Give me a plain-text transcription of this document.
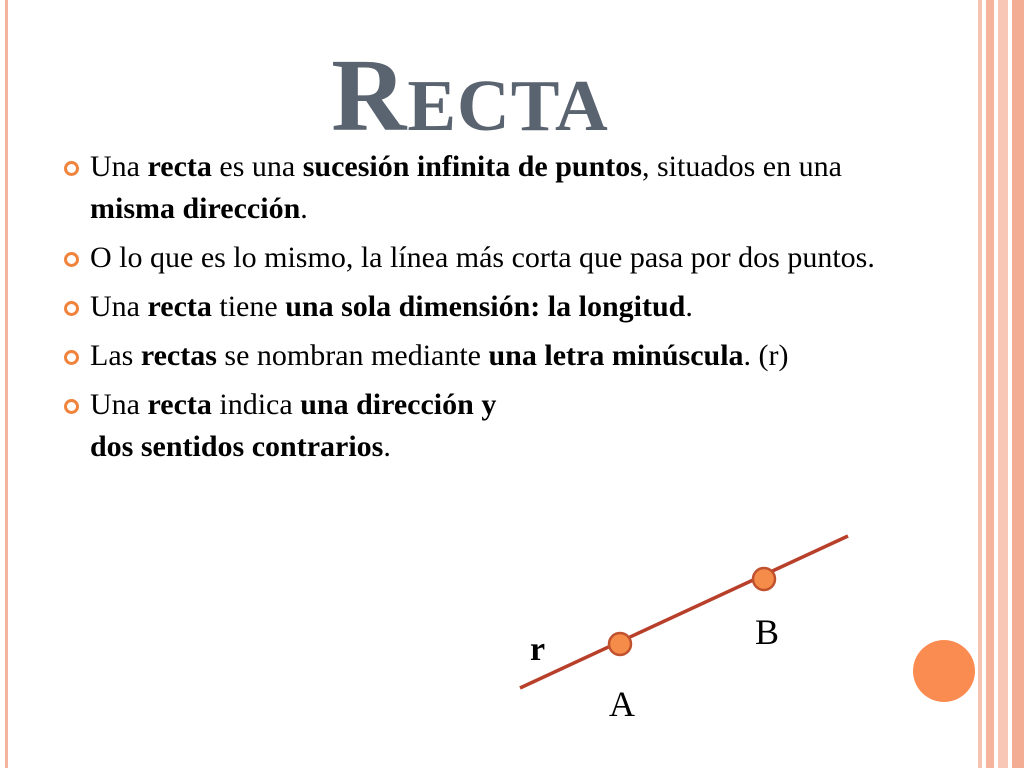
Recta
Una recta es una sucesión infinita de puntos, situados en una misma dirección.
O lo que es lo mismo, la línea más corta que pasa por dos puntos.
Una recta tiene una sola dimensión: la longitud.
Las rectas se nombran mediante una letra minúscula. (r)
Una recta indica una dirección y
dos sentidos contrarios.
r
A
B
